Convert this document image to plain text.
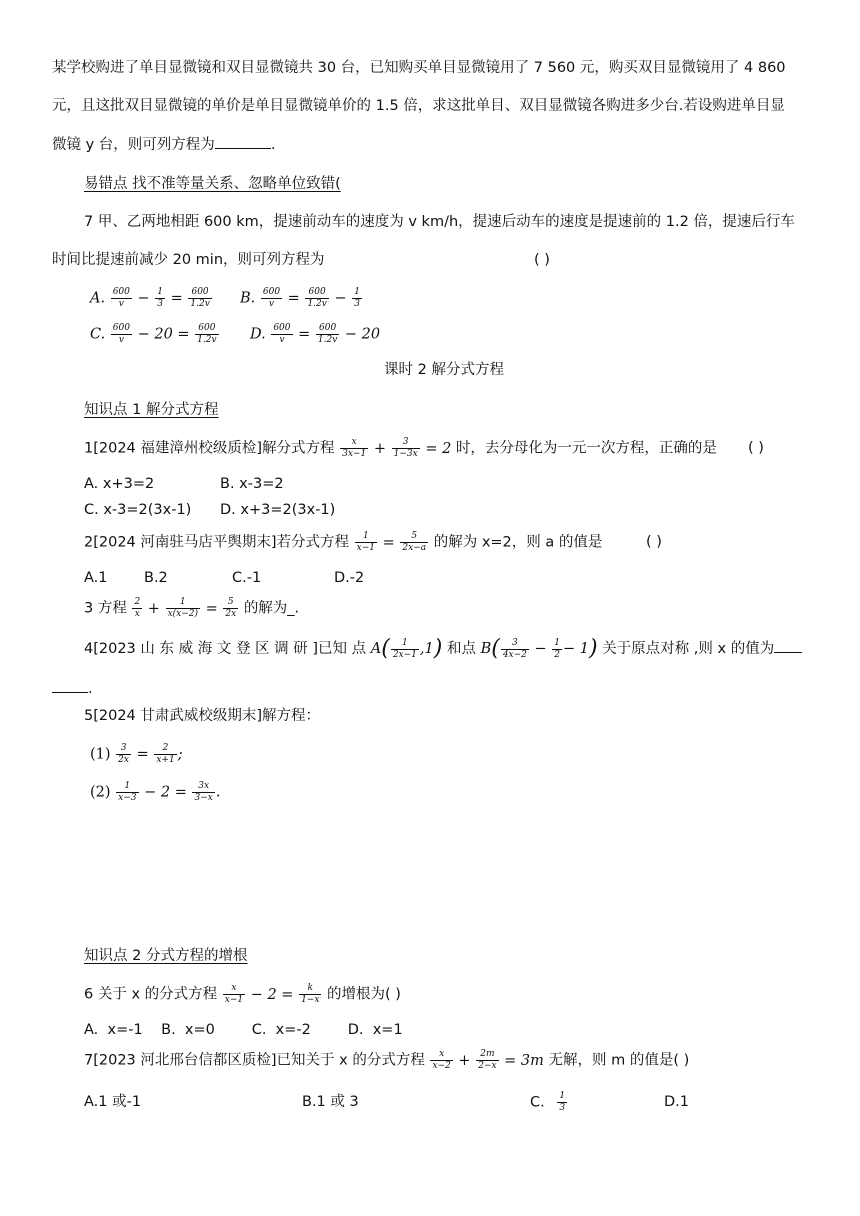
某学校购进了单目显微镜和双目显微镜共 30 台，已知购买单目显微镜用了 7 560 元，购买双目显微镜用了 4 860
元，且这批双目显微镜的单价是单目显微镜单价的 1.5 倍，求这批单目、双目显微镜各购进多少台.若设购进单目显
微镜 y 台，则可列方程为	.
易错点 找不准等量关系、忽略单位致错(
7 甲、乙两地相距 600 km，提速前动车的速度为 v km/h，提速后动车的速度是提速前的 1.2 倍，提速后行车
时间比提速前减少 20 min，则可列方程为	( )
A. $\frac{600}{v} - \frac{1}{3} = \frac{600}{1.2v} B$. $\frac{600}{v} = \frac{600}{1.2v} - \frac{1}{3}$
C. $\frac{600}{v} - 20 = \frac{600}{1.2v} D$. $\frac{600}{v} = \frac{600}{1.2v} - 20$
课时 2 解分式方程
知识点 1 解分式方程
1[2024 福建漳州校级质检]解分式方程 $\frac{x}{3x-1} + \frac{3}{1-3x} = 2$ 时，去分母化为一元一次方程，正确的是 ( )
A. x+3=2	B. x-3=2
C. x-3=2(3x-1) D. x+3=2(3x-1)
2[2024 河南驻马店平舆期末]若分式方程 $\frac{1}{x-1} = \frac{5}{2x-a}$ 的解为 x=2，则 a 的值是	( )
A.1	B.2	C.-1	D.-2
3 方程 $\frac{2}{x} + \frac{1}{x(x-2)} = \frac{5}{2x}$ 的解为_.
4[2023 山 东 威 海 文 登 区 调 研 ]已知 点 $A( \frac{1}{2x-1} ,1)$ 和点 $B( \frac{3}{4x-2} - \frac{1}{2} - 1)$ 关于原点对称 ,则 x 的值为
.
5[2024 甘肃武威校级期末]解方程：
$(1) \frac{3}{2x} = \frac{2}{x+1}$ ;
$(2) \frac{1}{x-3} - 2 = \frac{3x}{3-x}$ .
知识点 2 分式方程的增根
6 关于 x 的分式方程 $\frac{x}{x-1} - 2 = \frac{k}{1-x}$ 的增根为( )
A.  x=-1    B.  x=0        C.  x=-2        D.  x=1
7[2023 河北邢台信都区质检]已知关于 x 的分式方程 $\frac{x}{x-2} + \frac{2m}{2-x} = 3m$ 无解，则 m 的值是( )
A.1 或-1	B.1 或 3	C. $\frac{1}{3}$	D.1
